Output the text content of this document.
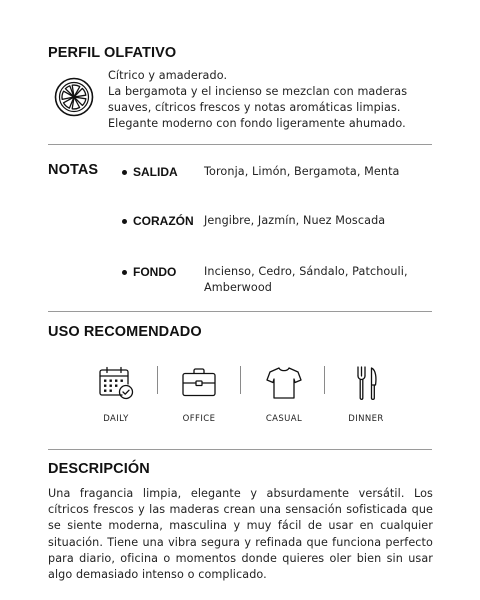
PERFIL OLFATIVO
Cítrico y amaderado.
La bergamota y el incienso se mezclan con maderas
suaves, cítricos frescos y notas aromáticas limpias.
Elegante moderno con fondo ligeramente ahumado.
NOTAS	SALIDA Toronja, Limón, Bergamota, Menta
CORAZÓN Jengibre, Jazmín, Nuez Moscada
FONDO Incienso, Cedro, Sándalo, Patchouli, Amberwood
USO RECOMENDADO
DAILY	OFFICE	CASUAL	DINNER
DESCRIPCIÓN
Una fragancia limpia, elegante y absurdamente versátil. Los cítricos frescos y las maderas crean una sensación sofisticada que se siente moderna, masculina y muy fácil de usar en cualquier situación. Tiene una vibra segura y refinada que funciona perfecto para diario, oficina o momentos donde quieres oler bien sin usar algo demasiado intenso o complicado.
